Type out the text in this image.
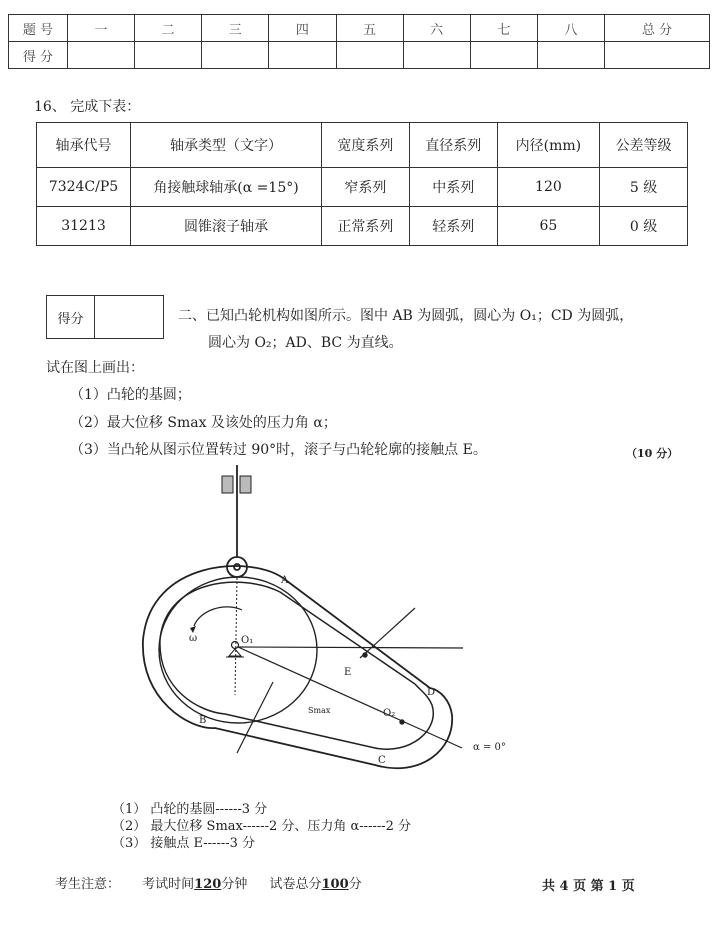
题 号	一	二	三	四	五	六	七	八	总 分
得 分									
16、 完成下表：
轴承代号	轴承类型（文字）	宽度系列	直径系列	内径(mm)	公差等级
7324C/P5	角接触球轴承(α =15°)	窄系列	中系列	120	5 级
31213	圆锥滚子轴承	正常系列	轻系列	65	0 级
得分		二、已知凸轮机构如图所示。图中 AB 为圆弧，圆心为 O₁；CD 为圆弧，
圆心为 O₂；AD、BC 为直线。
试在图上画出：
（1）凸轮的基圆；
（2）最大位移 Smax 及该处的压力角 α；
（3）当凸轮从图示位置转过 90°时，滚子与凸轮轮廓的接触点 E。	（10 分）
A
B
C
D
E
O₁
O₂
ω
Smax
α = 0°
（1） 凸轮的基圆------3 分
（2） 最大位移 Smax------2 分、压力角 α------2 分
（3） 接触点 E------3 分
考生注意： 考试时间120分钟 试卷总分100分	共 4 页 第 1 页
